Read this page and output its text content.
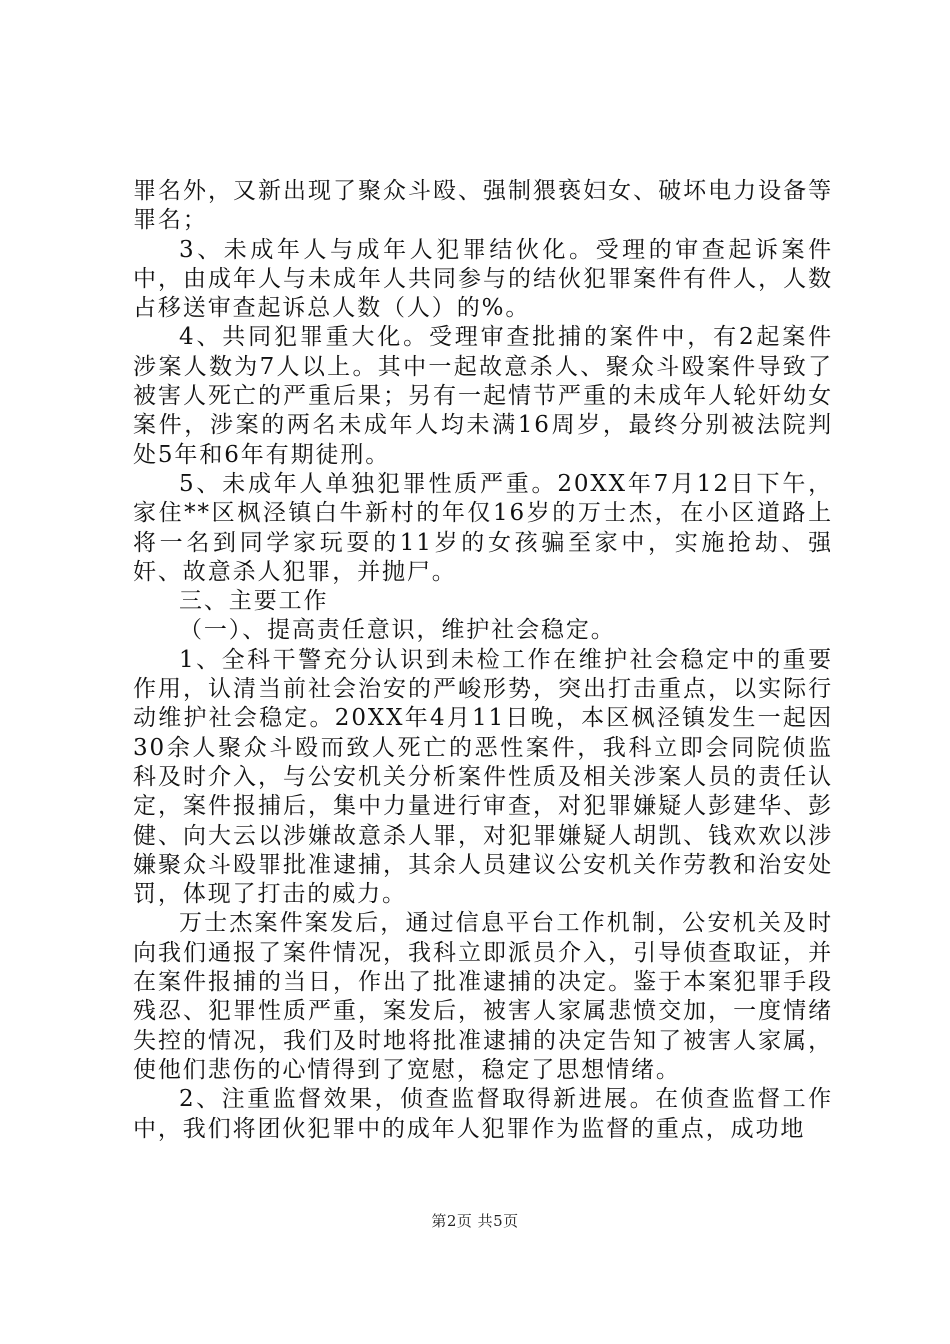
罪名外，又新出现了聚众斗殴、强制猥亵妇女、破坏电力设备等罪名；

3、未成年人与成年人犯罪结伙化。受理的审查起诉案件中，由成年人与未成年人共同参与的结伙犯罪案件有件人，人数占移送审查起诉总人数（人）的%。

4、共同犯罪重大化。受理审查批捕的案件中，有2起案件涉案人数为7人以上。其中一起故意杀人、聚众斗殴案件导致了被害人死亡的严重后果；另有一起情节严重的未成年人轮奸幼女案件，涉案的两名未成年人均未满16周岁，最终分别被法院判处5年和6年有期徒刑。

5、未成年人单独犯罪性质严重。20XX年7月12日下午，家住**区枫泾镇白牛新村的年仅16岁的万士杰，在小区道路上将一名到同学家玩耍的11岁的女孩骗至家中，实施抢劫、强奸、故意杀人犯罪，并抛尸。

三、主要工作

（一）、提高责任意识，维护社会稳定。

1、全科干警充分认识到未检工作在维护社会稳定中的重要作用，认清当前社会治安的严峻形势，突出打击重点，以实际行动维护社会稳定。20XX年4月11日晚，本区枫泾镇发生一起因30余人聚众斗殴而致人死亡的恶性案件，我科立即会同院侦监科及时介入，与公安机关分析案件性质及相关涉案人员的责任认定，案件报捕后，集中力量进行审查，对犯罪嫌疑人彭建华、彭健、向大云以涉嫌故意杀人罪，对犯罪嫌疑人胡凯、钱欢欢以涉嫌聚众斗殴罪批准逮捕，其余人员建议公安机关作劳教和治安处罚，体现了打击的威力。

万士杰案件案发后，通过信息平台工作机制，公安机关及时向我们通报了案件情况，我科立即派员介入，引导侦查取证，并在案件报捕的当日，作出了批准逮捕的决定。鉴于本案犯罪手段残忍、犯罪性质严重，案发后，被害人家属悲愤交加，一度情绪失控的情况，我们及时地将批准逮捕的决定告知了被害人家属，使他们悲伤的心情得到了宽慰，稳定了思想情绪。

2、注重监督效果，侦查监督取得新进展。在侦查监督工作中，我们将团伙犯罪中的成年人犯罪作为监督的重点，成功地

第2页 共5页
